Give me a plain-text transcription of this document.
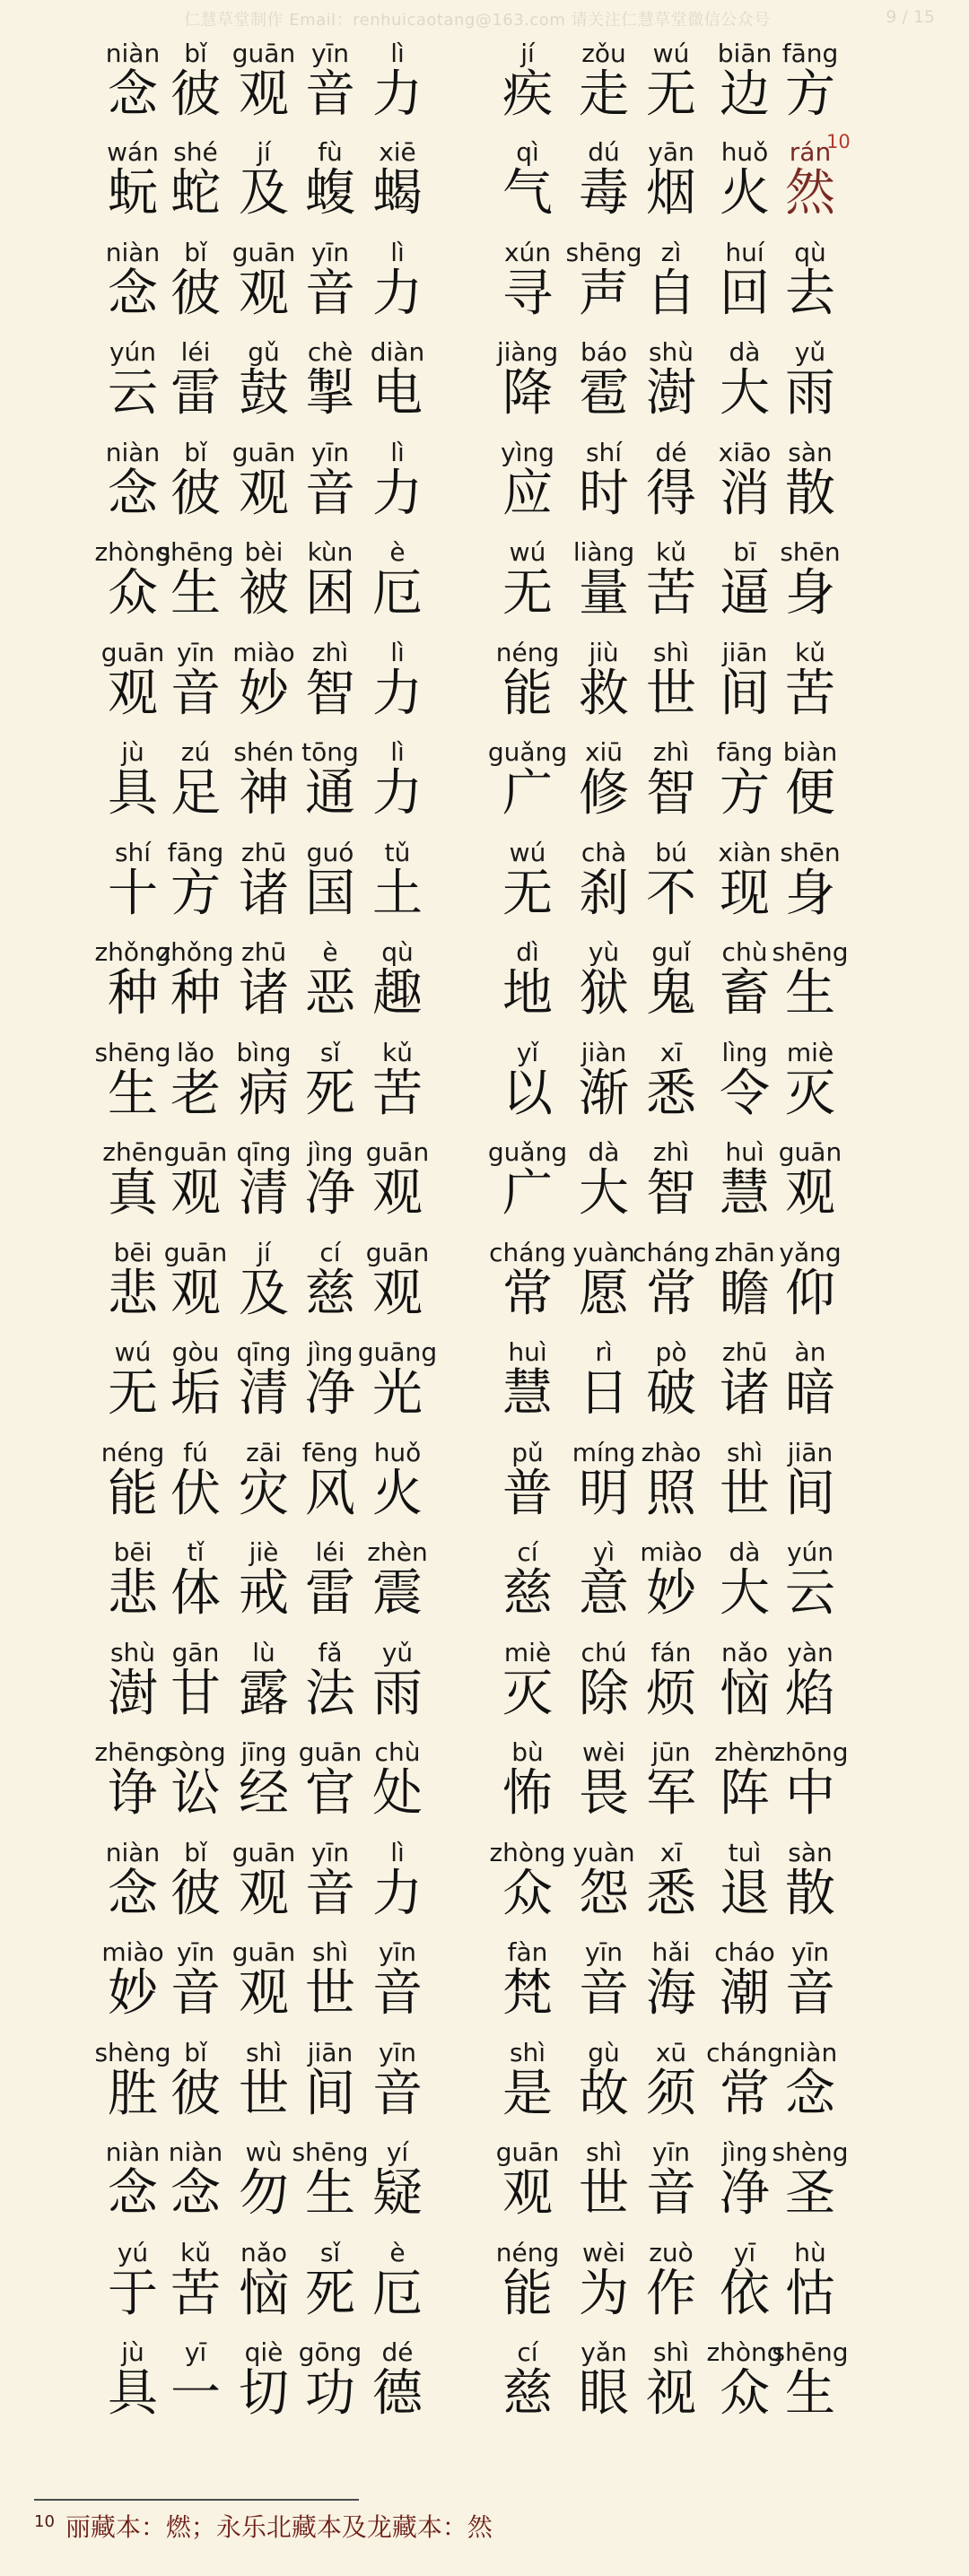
仁慧草堂制作 Email：renhuicaotang@163.com 请关注仁慧草堂微信公众号	9 / 15
niàn
念
bǐ
彼
guān
观
yīn
音
lì
力
jí
疾
zǒu
走
wú
无
biān
边
fāng
方
wán
蚖
shé
蛇
jí
及
fù
蝮
xiē
蝎
qì
气
dú
毒
yān
烟
huǒ
火
rán
然
niàn
念
bǐ
彼
guān
观
yīn
音
lì
力
xún
寻
shēng
声
zì
自
huí
回
qù
去
yún
云
léi
雷
gǔ
鼓
chè
掣
diàn
电
jiàng
降
báo
雹
shù
澍
dà
大
yǔ
雨
niàn
念
bǐ
彼
guān
观
yīn
音
lì
力
yìng
应
shí
时
dé
得
xiāo
消
sàn
散
zhòng
众
shēng
生
bèi
被
kùn
困
è
厄
wú
无
liàng
量
kǔ
苦
bī
逼
shēn
身
guān
观
yīn
音
miào
妙
zhì
智
lì
力
néng
能
jiù
救
shì
世
jiān
间
kǔ
苦
jù
具
zú
足
shén
神
tōng
通
lì
力
guǎng
广
xiū
修
zhì
智
fāng
方
biàn
便
shí
十
fāng
方
zhū
诸
guó
国
tǔ
土
wú
无
chà
刹
bú
不
xiàn
现
shēn
身
zhǒng
种
zhǒng
种
zhū
诸
è
恶
qù
趣
dì
地
yù
狱
guǐ
鬼
chù
畜
shēng
生
shēng
生
lǎo
老
bìng
病
sǐ
死
kǔ
苦
yǐ
以
jiàn
渐
xī
悉
lìng
令
miè
灭
zhēn
真
guān
观
qīng
清
jìng
净
guān
观
guǎng
广
dà
大
zhì
智
huì
慧
guān
观
bēi
悲
guān
观
jí
及
cí
慈
guān
观
cháng
常
yuàn
愿
cháng
常
zhān
瞻
yǎng
仰
wú
无
gòu
垢
qīng
清
jìng
净
guāng
光
huì
慧
rì
日
pò
破
zhū
诸
àn
暗
néng
能
fú
伏
zāi
灾
fēng
风
huǒ
火
pǔ
普
míng
明
zhào
照
shì
世
jiān
间
bēi
悲
tǐ
体
jiè
戒
léi
雷
zhèn
震
cí
慈
yì
意
miào
妙
dà
大
yún
云
shù
澍
gān
甘
lù
露
fǎ
法
yǔ
雨
miè
灭
chú
除
fán
烦
nǎo
恼
yàn
焰
zhēng
诤
sòng
讼
jīng
经
guān
官
chù
处
bù
怖
wèi
畏
jūn
军
zhèn
阵
zhōng
中
niàn
念
bǐ
彼
guān
观
yīn
音
lì
力
zhòng
众
yuàn
怨
xī
悉
tuì
退
sàn
散
miào
妙
yīn
音
guān
观
shì
世
yīn
音
fàn
梵
yīn
音
hǎi
海
cháo
潮
yīn
音
shèng
胜
bǐ
彼
shì
世
jiān
间
yīn
音
shì
是
gù
故
xū
须
cháng
常
niàn
念
niàn
念
niàn
念
wù
勿
shēng
生
yí
疑
guān
观
shì
世
yīn
音
jìng
净
shèng
圣
yú
于
kǔ
苦
nǎo
恼
sǐ
死
è
厄
néng
能
wèi
为
zuò
作
yī
依
hù
怙
jù
具
yī
一
qiè
切
gōng
功
dé
德
cí
慈
yǎn
眼
shì
视
zhòng
众
shēng
生
10
$^{10}$ 丽藏本：燃；永乐北藏本及龙藏本：然
